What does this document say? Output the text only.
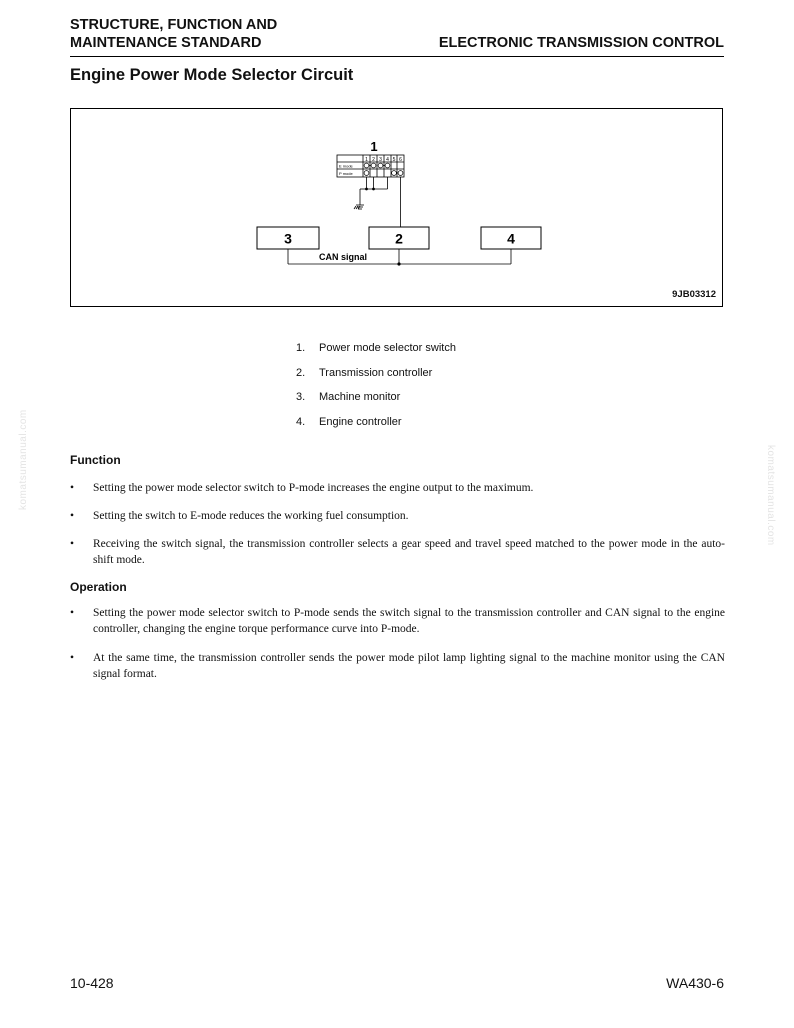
STRUCTURE, FUNCTION AND
MAINTENANCE STANDARD	ELECTRONIC TRANSMISSION CONTROL
Engine Power Mode Selector Circuit
1
1 2 3 4 5 6
E mode
P mode
3	2	4
CAN signal
9JB03312
1. Power mode selector switch
2. Transmission controller
3. Machine monitor
4. Engine controller
Function
• Setting the power mode selector switch to P-mode increases the engine output to the maximum.
• Setting the switch to E-mode reduces the working fuel consumption.
• Receiving the switch signal, the transmission controller selects a gear speed and travel speed matched to the power mode in the auto-shift mode.
Operation
• Setting the power mode selector switch to P-mode sends the switch signal to the transmission controller and CAN signal to the engine controller, changing the engine torque performance curve into P-mode.
• At the same time, the transmission controller sends the power mode pilot lamp lighting signal to the machine monitor using the CAN signal format.
komatsumanual.com	komatsumanual.com
10-428	WA430-6
